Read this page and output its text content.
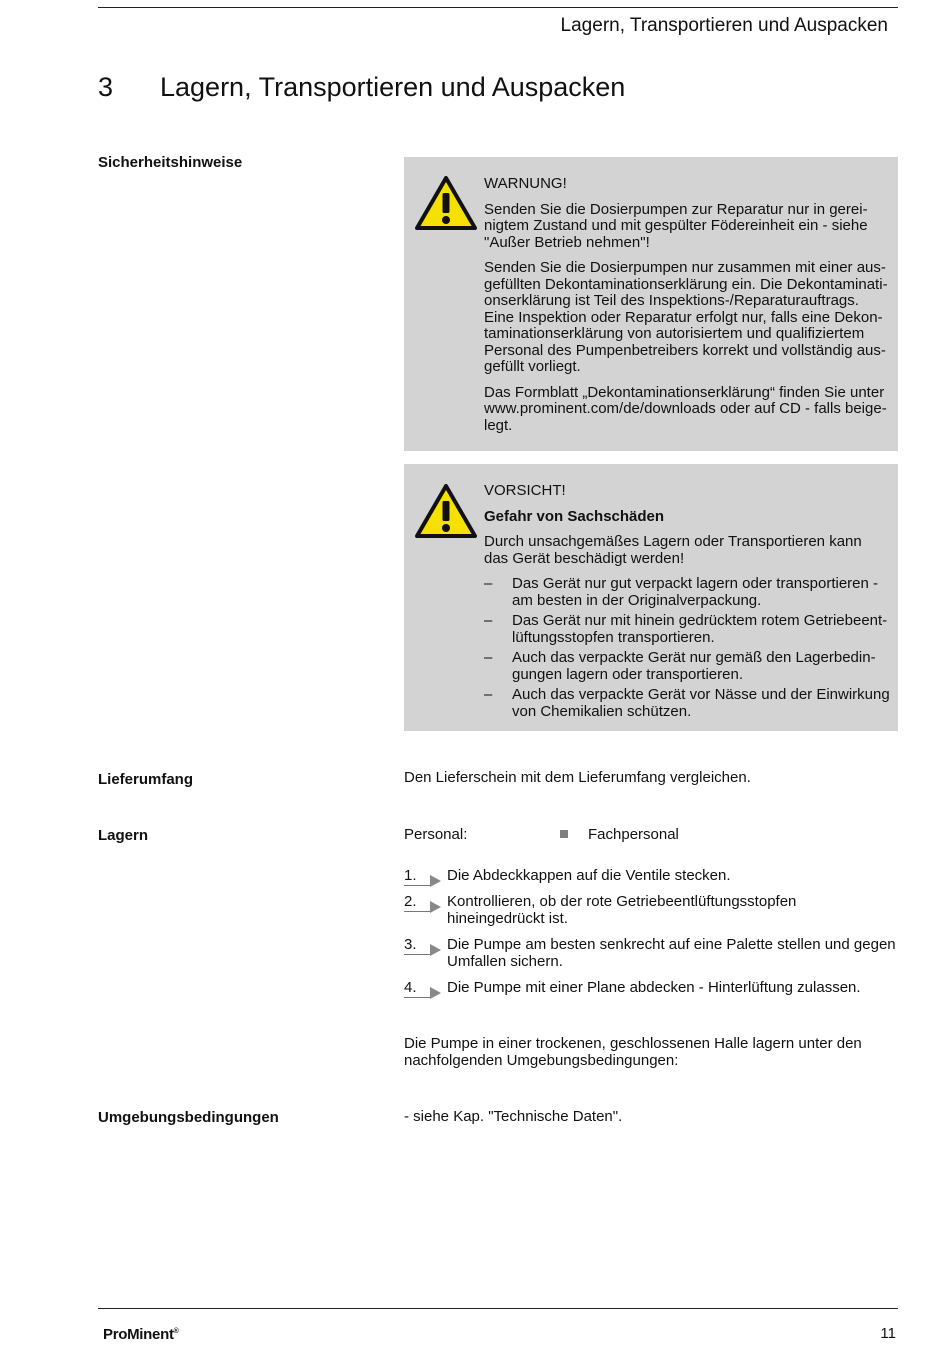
Lagern, Transportieren und Auspacken
3 Lagern, Transportieren und Auspacken
Sicherheitshinweise

WARNUNG!

Senden Sie die Dosierpumpen zur Reparatur nur in gereinigtem Zustand und mit gespülter Födereinheit ein - siehe "Außer Betrieb nehmen"!

Senden Sie die Dosierpumpen nur zusammen mit einer ausgefüllten Dekontaminationserklärung ein. Die Dekontaminationserklärung ist Teil des Inspektions-/Reparaturauftrags. Eine Inspektion oder Reparatur erfolgt nur, falls eine Dekontaminationserklärung von autorisiertem und qualifiziertem Personal des Pumpenbetreibers korrekt und vollständig ausgefüllt vorliegt.

Das Formblatt „Dekontaminationserklärung“ finden Sie unter www.prominent.com/de/downloads oder auf CD - falls beigelegt.

VORSICHT!

Gefahr von Sachschäden

Durch unsachgemäßes Lagern oder Transportieren kann das Gerät beschädigt werden!

– Das Gerät nur gut verpackt lagern oder transportieren - am besten in der Originalverpackung.
– Das Gerät nur mit hinein gedrücktem rotem Getriebeentlüftungsstopfen transportieren.
– Auch das verpackte Gerät nur gemäß den Lagerbedingungen lagern oder transportieren.
– Auch das verpackte Gerät vor Nässe und der Einwirkung von Chemikalien schützen.
Lieferumfang	Den Lieferschein mit dem Lieferumfang vergleichen.
Lagern	Personal:	Fachpersonal
1.	Die Abdeckkappen auf die Ventile stecken.
2.	Kontrollieren, ob der rote Getriebeentlüftungsstopfen hineingedrückt ist.
3.	Die Pumpe am besten senkrecht auf eine Palette stellen und gegen Umfallen sichern.
4.	Die Pumpe mit einer Plane abdecken - Hinterlüftung zulassen.
Die Pumpe in einer trockenen, geschlossenen Halle lagern unter den nachfolgenden Umgebungsbedingungen:
Umgebungsbedingungen	- siehe Kap. "Technische Daten".
ProMinent®	11
